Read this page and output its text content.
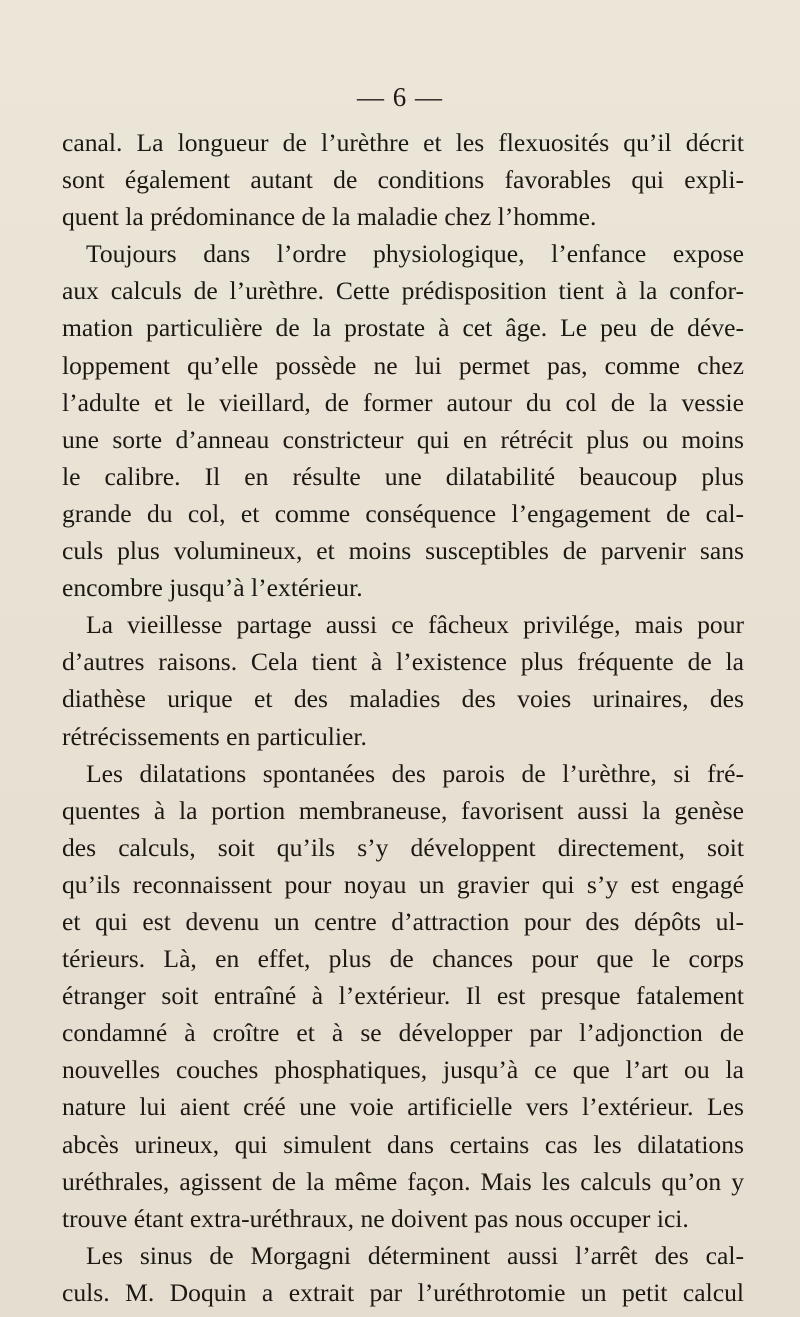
— 6 —
canal. La longueur de l’urèthre et les flexuosités qu’il décrit
sont également autant de conditions favorables qui expli-
quent la prédominance de la maladie chez l’homme.
Toujours dans l’ordre physiologique, l’enfance expose
aux calculs de l’urèthre. Cette prédisposition tient à la confor-
mation particulière de la prostate à cet âge. Le peu de déve-
loppement qu’elle possède ne lui permet pas, comme chez
l’adulte et le vieillard, de former autour du col de la vessie
une sorte d’anneau constricteur qui en rétrécit plus ou moins
le calibre. Il en résulte une dilatabilité beaucoup plus
grande du col, et comme conséquence l’engagement de cal-
culs plus volumineux, et moins susceptibles de parvenir sans
encombre jusqu’à l’extérieur.
La vieillesse partage aussi ce fâcheux privilége, mais pour
d’autres raisons. Cela tient à l’existence plus fréquente de la
diathèse urique et des maladies des voies urinaires, des
rétrécissements en particulier.
Les dilatations spontanées des parois de l’urèthre, si fré-
quentes à la portion membraneuse, favorisent aussi la genèse
des calculs, soit qu’ils s’y développent directement, soit
qu’ils reconnaissent pour noyau un gravier qui s’y est engagé
et qui est devenu un centre d’attraction pour des dépôts ul-
térieurs. Là, en effet, plus de chances pour que le corps
étranger soit entraîné à l’extérieur. Il est presque fatalement
condamné à croître et à se développer par l’adjonction de
nouvelles couches phosphatiques, jusqu’à ce que l’art ou la
nature lui aient créé une voie artificielle vers l’extérieur. Les
abcès urineux, qui simulent dans certains cas les dilatations
uréthrales, agissent de la même façon. Mais les calculs qu’on y
trouve étant extra-uréthraux, ne doivent pas nous occuper ici.
Les sinus de Morgagni déterminent aussi l’arrêt des cal-
culs. M. Doquin a extrait par l’uréthrotomie un petit calcul
